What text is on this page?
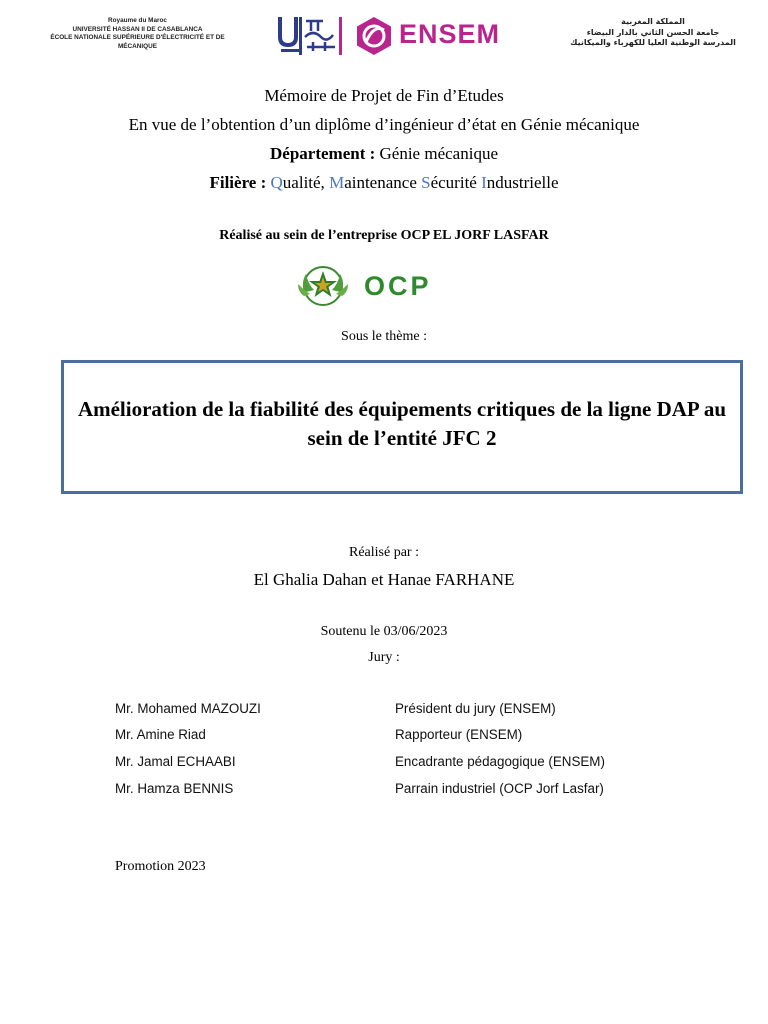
Royaume du Maroc
UNIVERSITÉ HASSAN II DE CASABLANCA
ÉCOLE NATIONALE SUPÉRIEURE D'ÉLECTRICITÉ ET DE MÉCANIQUE	ENSEM	المملكة المغربية
جامعة الحسن الثاني بالدار البيضاء
المدرسة الوطنية العليا للكهرباء والميكانيك
Mémoire de Projet de Fin d’Etudes
En vue de l’obtention d’un diplôme d’ingénieur d’état en Génie mécanique
Département : Génie mécanique
Filière : Qualité, Maintenance Sécurité Industrielle
Réalisé au sein de l’entreprise OCP EL JORF LASFAR
OCP
Sous le thème :
Amélioration de la fiabilité des équipements critiques de la ligne DAP au sein de l’entité JFC 2
Réalisé par :
El Ghalia Dahan et Hanae FARHANE
Soutenu le 03/06/2023
Jury :
Mr. Mohamed MAZOUZI	Président du jury (ENSEM)
Mr. Amine Riad	Rapporteur (ENSEM)
Mr. Jamal ECHAABI	Encadrante pédagogique (ENSEM)
Mr. Hamza BENNIS	Parrain industriel (OCP Jorf Lasfar)
Promotion 2023
